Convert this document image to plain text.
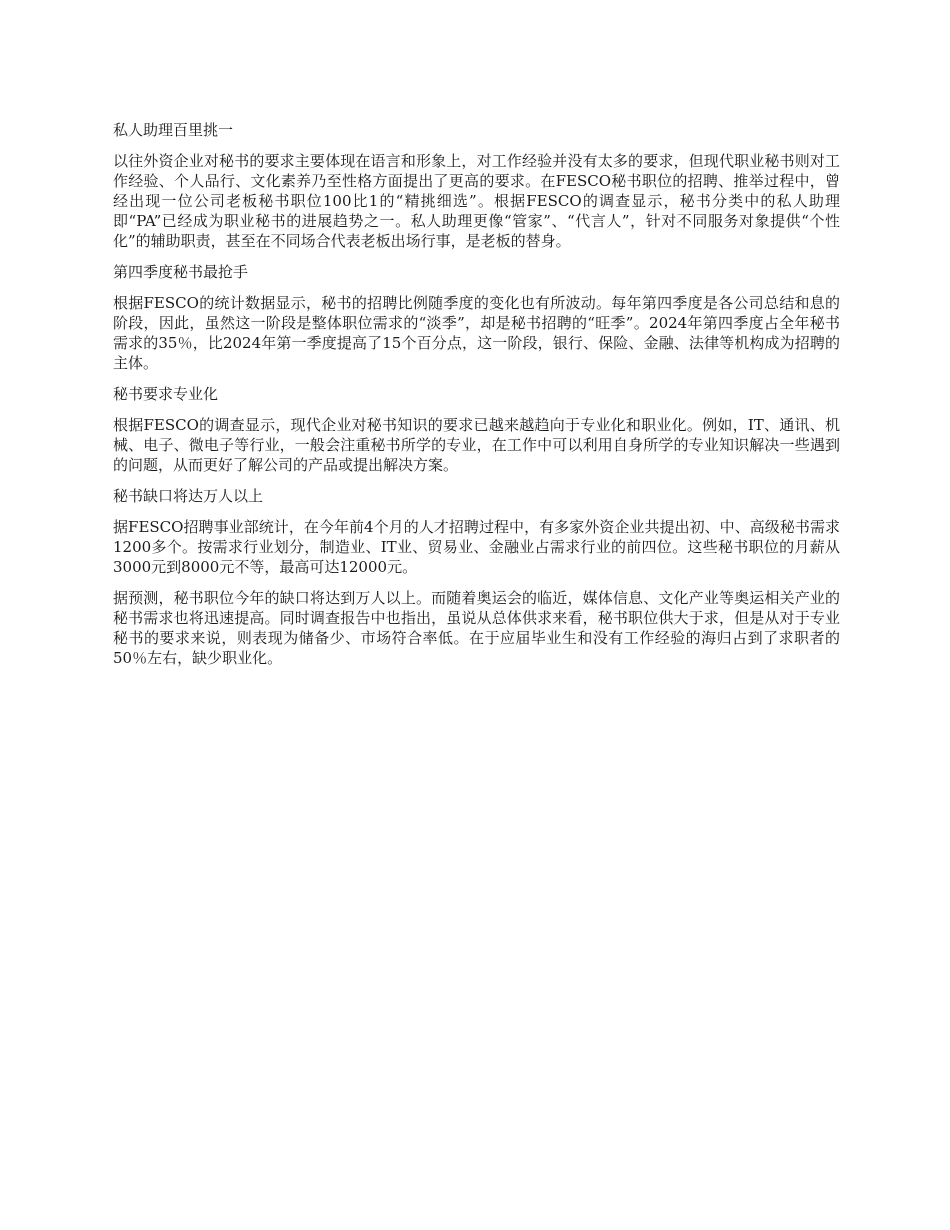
私人助理百里挑一

以往外资企业对秘书的要求主要体现在语言和形象上，对工作经验并没有太多的要求，但现代职业秘书则对工作经验、个人品行、文化素养乃至性格方面提出了更高的要求。在FESCO秘书职位的招聘、推举过程中，曾经出现一位公司老板秘书职位100比1的“精挑细选”。根据FESCO的调查显示，秘书分类中的私人助理即“PA”已经成为职业秘书的进展趋势之一。私人助理更像“管家”、“代言人”，针对不同服务对象提供“个性化”的辅助职责，甚至在不同场合代表老板出场行事，是老板的替身。

第四季度秘书最抢手

根据FESCO的统计数据显示，秘书的招聘比例随季度的变化也有所波动。每年第四季度是各公司总结和息的阶段，因此，虽然这一阶段是整体职位需求的“淡季”，却是秘书招聘的“旺季”。2024年第四季度占全年秘书需求的35％，比2024年第一季度提高了15个百分点，这一阶段，银行、保险、金融、法律等机构成为招聘的主体。

秘书要求专业化

根据FESCO的调查显示，现代企业对秘书知识的要求已越来越趋向于专业化和职业化。例如，IT、通讯、机械、电子、微电子等行业，一般会注重秘书所学的专业，在工作中可以利用自身所学的专业知识解决一些遇到的问题，从而更好了解公司的产品或提出解决方案。

秘书缺口将达万人以上

据FESCO招聘事业部统计，在今年前4个月的人才招聘过程中，有多家外资企业共提出初、中、高级秘书需求1200多个。按需求行业划分，制造业、IT业、贸易业、金融业占需求行业的前四位。这些秘书职位的月薪从3000元到8000元不等，最高可达12000元。

据预测，秘书职位今年的缺口将达到万人以上。而随着奥运会的临近，媒体信息、文化产业等奥运相关产业的秘书需求也将迅速提高。同时调查报告中也指出，虽说从总体供求来看，秘书职位供大于求，但是从对于专业秘书的要求来说，则表现为储备少、市场符合率低。在于应届毕业生和没有工作经验的海归占到了求职者的50％左右，缺少职业化。
